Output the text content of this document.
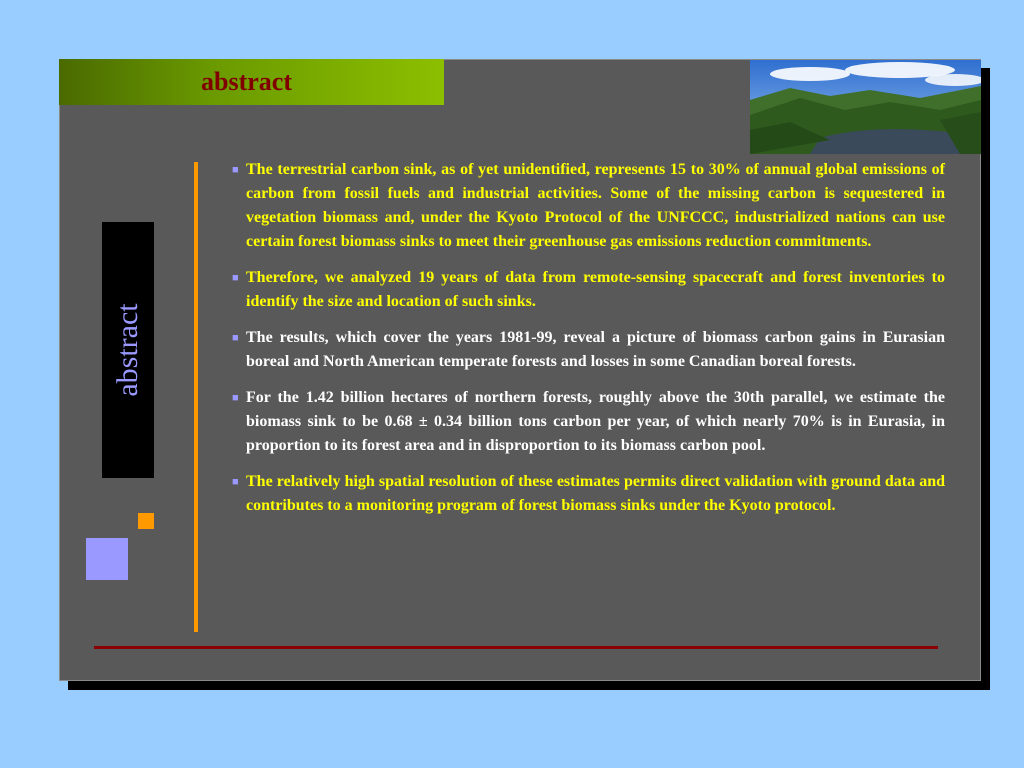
abstract
abstract
■ The terrestrial carbon sink, as of yet unidentified, represents 15 to 30% of annual global emissions of carbon from fossil fuels and industrial activities. Some of the missing carbon is sequestered in vegetation biomass and, under the Kyoto Protocol of the UNFCCC, industrialized nations can use certain forest biomass sinks to meet their greenhouse gas emissions reduction commitments.
■ Therefore, we analyzed 19 years of data from remote-sensing spacecraft and forest inventories to identify the size and location of such sinks.
■ The results, which cover the years 1981-99, reveal a picture of biomass carbon gains in Eurasian boreal and North American temperate forests and losses in some Canadian boreal forests.
■ For the 1.42 billion hectares of northern forests, roughly above the 30th parallel, we estimate the biomass sink to be 0.68 ± 0.34 billion tons carbon per year, of which nearly 70% is in Eurasia, in proportion to its forest area and in disproportion to its biomass carbon pool.
■ The relatively high spatial resolution of these estimates permits direct validation with ground data and contributes to a monitoring program of forest biomass sinks under the Kyoto protocol.
